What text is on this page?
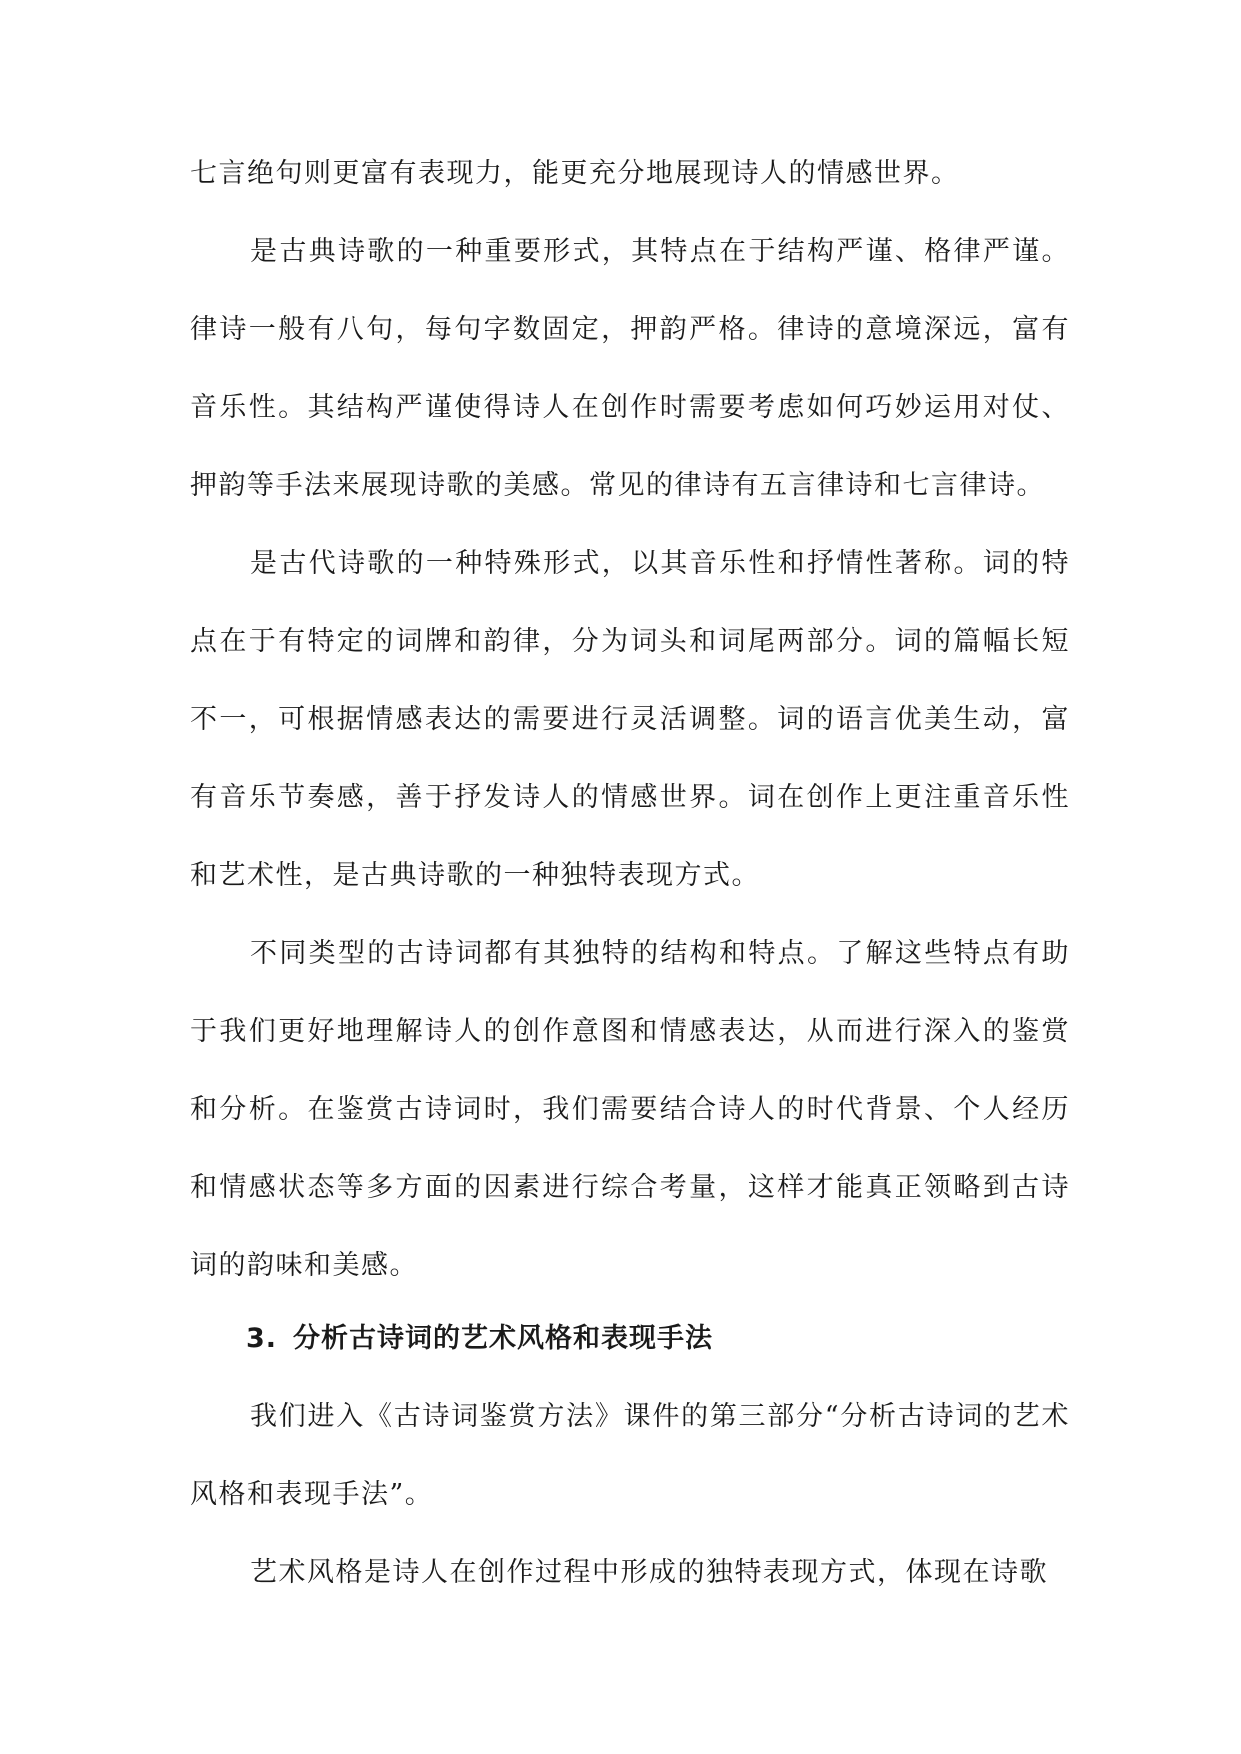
七言绝句则更富有表现力，能更充分地展现诗人的情感世界。

是古典诗歌的一种重要形式，其特点在于结构严谨、格律严谨。律诗一般有八句，每句字数固定，押韵严格。律诗的意境深远，富有音乐性。其结构严谨使得诗人在创作时需要考虑如何巧妙运用对仗、押韵等手法来展现诗歌的美感。常见的律诗有五言律诗和七言律诗。

是古代诗歌的一种特殊形式，以其音乐性和抒情性著称。词的特点在于有特定的词牌和韵律，分为词头和词尾两部分。词的篇幅长短不一，可根据情感表达的需要进行灵活调整。词的语言优美生动，富有音乐节奏感，善于抒发诗人的情感世界。词在创作上更注重音乐性和艺术性，是古典诗歌的一种独特表现方式。

不同类型的古诗词都有其独特的结构和特点。了解这些特点有助于我们更好地理解诗人的创作意图和情感表达，从而进行深入的鉴赏和分析。在鉴赏古诗词时，我们需要结合诗人的时代背景、个人经历和情感状态等多方面的因素进行综合考量，这样才能真正领略到古诗词的韵味和美感。

3. 分析古诗词的艺术风格和表现手法

我们进入《古诗词鉴赏方法》课件的第三部分“分析古诗词的艺术风格和表现手法”。

艺术风格是诗人在创作过程中形成的独特表现方式，体现在诗歌
